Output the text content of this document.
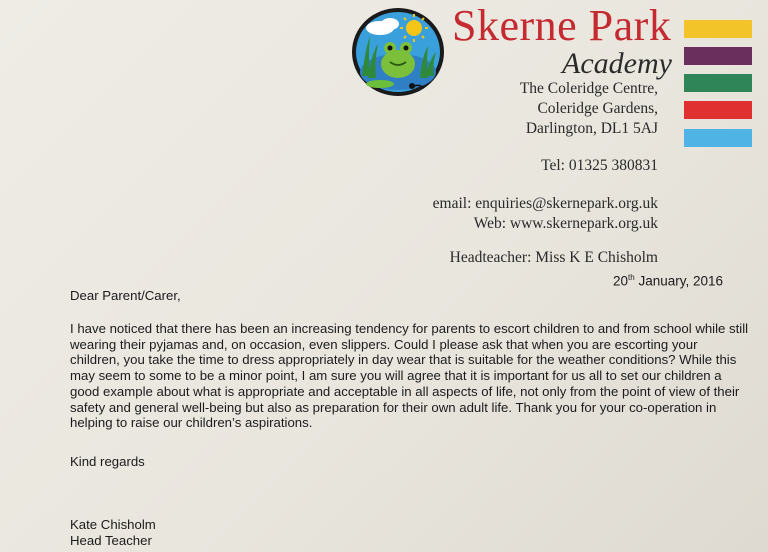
Skerne Park
Academy
The Coleridge Centre,
Coleridge Gardens,
Darlington, DL1 5AJ
Tel: 01325 380831
email: enquiries@skernepark.org.uk
Web: www.skernepark.org.uk
Headteacher: Miss K E Chisholm
20th January, 2016
Dear Parent/Carer,
I have noticed that there has been an increasing tendency for parents to escort children to and from school while still wearing their pyjamas and, on occasion, even slippers. Could I please ask that when you are escorting your children, you take the time to dress appropriately in day wear that is suitable for the weather conditions? While this may seem to some to be a minor point, I am sure you will agree that it is important for us all to set our children a good example about what is appropriate and acceptable in all aspects of life, not only from the point of view of their safety and general well-being but also as preparation for their own adult life. Thank you for your co-operation in helping to raise our children’s aspirations.
Kind regards
Kate Chisholm
Head Teacher
